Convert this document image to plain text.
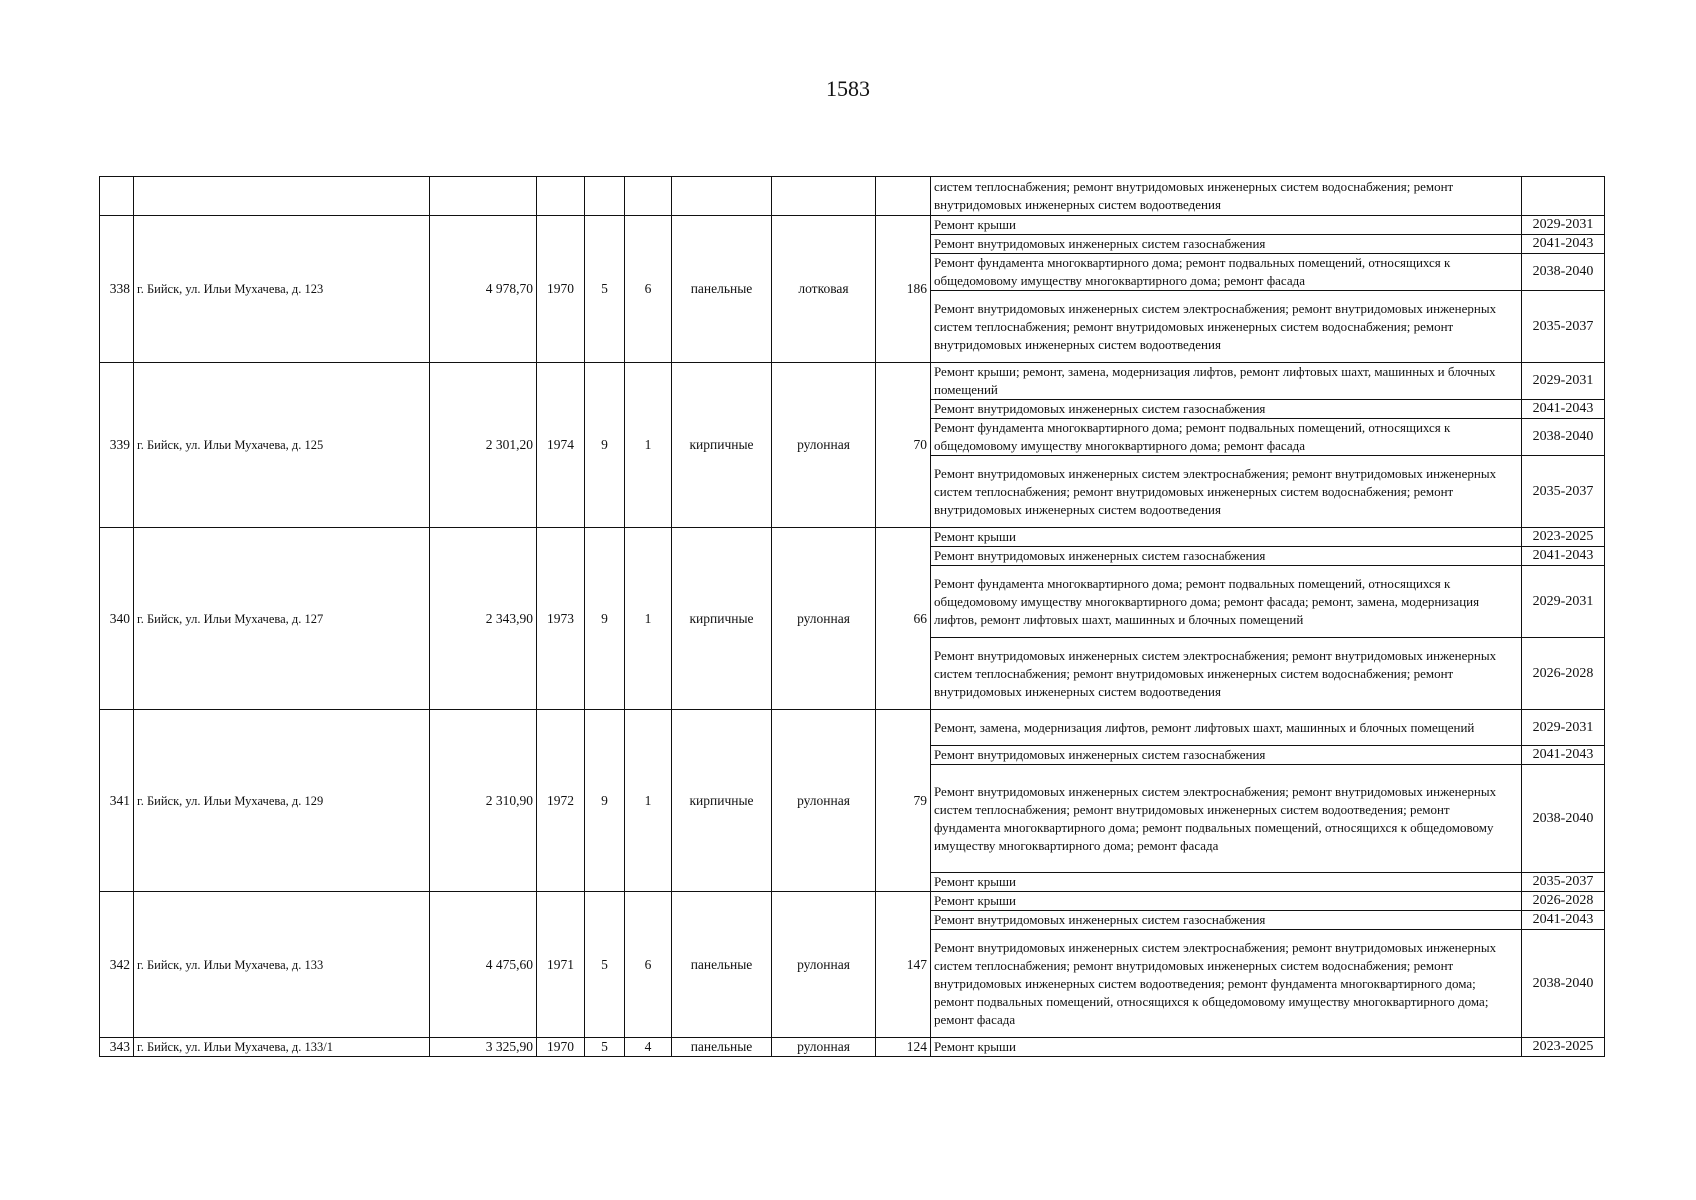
1583
									систем теплоснабжения; ремонт внутридомовых инженерных систем водоснабжения; ремонт внутридомовых инженерных систем водоотведения	
338	г. Бийск, ул. Ильи Мухачева, д. 123	4 978,70	1970	5	6	панельные	лотковая	186	Ремонт крыши	2029-2031
									Ремонт внутридомовых инженерных систем газоснабжения	2041-2043
									Ремонт фундамента многоквартирного дома; ремонт подвальных помещений, относящихся к общедомовому имуществу многоквартирного дома; ремонт фасада	2038-2040
									Ремонт внутридомовых инженерных систем электроснабжения; ремонт внутридомовых инженерных систем теплоснабжения; ремонт внутридомовых инженерных систем водоснабжения; ремонт внутридомовых инженерных систем водоотведения	2035-2037
339	г. Бийск, ул. Ильи Мухачева, д. 125	2 301,20	1974	9	1	кирпичные	рулонная	70	Ремонт крыши; ремонт, замена, модернизация лифтов, ремонт лифтовых шахт, машинных и блочных помещений	2029-2031
									Ремонт внутридомовых инженерных систем газоснабжения	2041-2043
									Ремонт фундамента многоквартирного дома; ремонт подвальных помещений, относящихся к общедомовому имуществу многоквартирного дома; ремонт фасада	2038-2040
									Ремонт внутридомовых инженерных систем электроснабжения; ремонт внутридомовых инженерных систем теплоснабжения; ремонт внутридомовых инженерных систем водоснабжения; ремонт внутридомовых инженерных систем водоотведения	2035-2037
340	г. Бийск, ул. Ильи Мухачева, д. 127	2 343,90	1973	9	1	кирпичные	рулонная	66	Ремонт крыши	2023-2025
									Ремонт внутридомовых инженерных систем газоснабжения	2041-2043
									Ремонт фундамента многоквартирного дома; ремонт подвальных помещений, относящихся к общедомовому имуществу многоквартирного дома; ремонт фасада; ремонт, замена, модернизация лифтов, ремонт лифтовых шахт, машинных и блочных помещений	2029-2031
									Ремонт внутридомовых инженерных систем электроснабжения; ремонт внутридомовых инженерных систем теплоснабжения; ремонт внутридомовых инженерных систем водоснабжения; ремонт внутридомовых инженерных систем водоотведения	2026-2028
341	г. Бийск, ул. Ильи Мухачева, д. 129	2 310,90	1972	9	1	кирпичные	рулонная	79	Ремонт, замена, модернизация лифтов, ремонт лифтовых шахт, машинных и блочных помещений	2029-2031
									Ремонт внутридомовых инженерных систем газоснабжения	2041-2043
									Ремонт внутридомовых инженерных систем электроснабжения; ремонт внутридомовых инженерных систем теплоснабжения; ремонт внутридомовых инженерных систем водоотведения; ремонт фундамента многоквартирного дома; ремонт подвальных помещений, относящихся к общедомовому имуществу многоквартирного дома; ремонт фасада	2038-2040
									Ремонт крыши	2035-2037
342	г. Бийск, ул. Ильи Мухачева, д. 133	4 475,60	1971	5	6	панельные	рулонная	147	Ремонт крыши	2026-2028
									Ремонт внутридомовых инженерных систем газоснабжения	2041-2043
									Ремонт внутридомовых инженерных систем электроснабжения; ремонт внутридомовых инженерных систем теплоснабжения; ремонт внутридомовых инженерных систем водоснабжения; ремонт внутридомовых инженерных систем водоотведения; ремонт фундамента многоквартирного дома; ремонт подвальных помещений, относящихся к общедомовому имуществу многоквартирного дома; ремонт фасада	2038-2040
343	г. Бийск, ул. Ильи Мухачева, д. 133/1	3 325,90	1970	5	4	панельные	рулонная	124	Ремонт крыши	2023-2025
